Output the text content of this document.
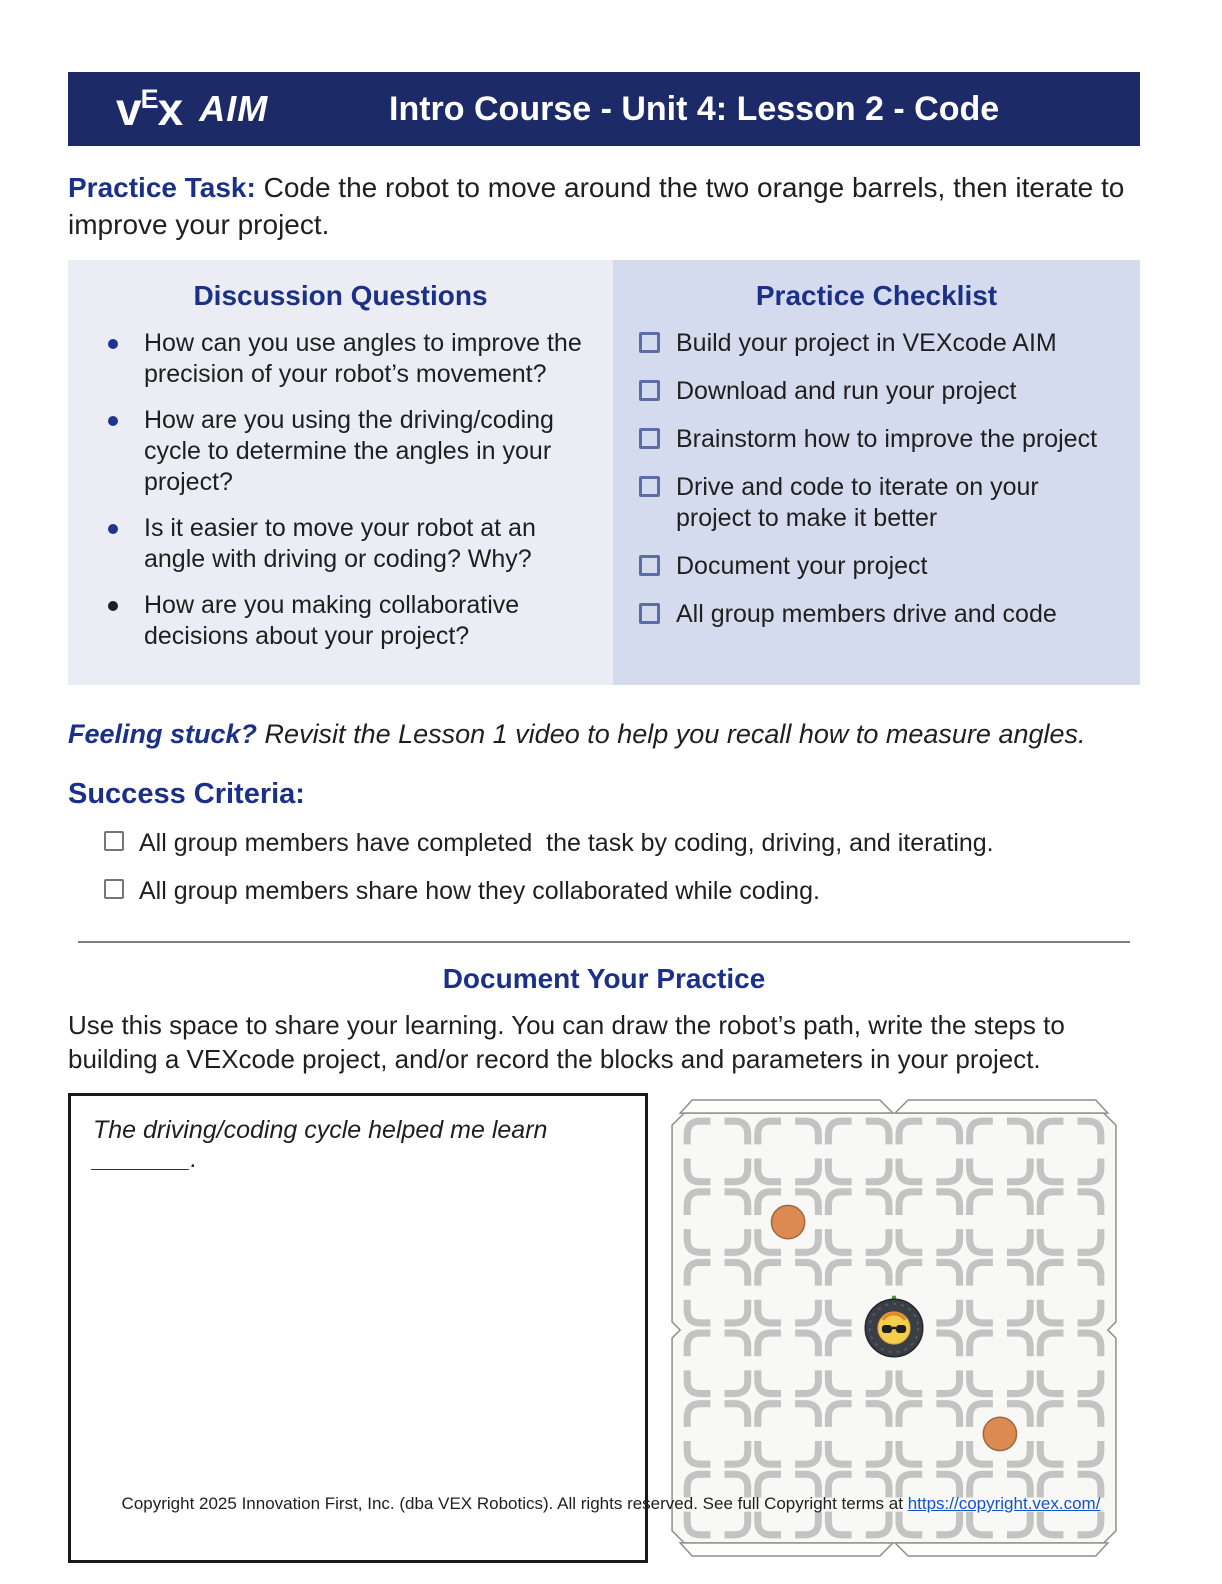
v E x AIM	Intro Course - Unit 4: Lesson 2 - Code
Practice Task: Code the robot to move around the two orange barrels, then iterate to improve your project.
Discussion Questions
How can you use angles to improve the precision of your robot’s movement?
How are you using the driving/coding cycle to determine the angles in your project?
Is it easier to move your robot at an angle with driving or coding? Why?
How are you making collaborative decisions about your project?
Practice Checklist
Build your project in VEXcode AIM
Download and run your project
Brainstorm how to improve the project
Drive and code to iterate on your project to make it better
Document your project
All group members drive and code
Feeling stuck? Revisit the Lesson 1 video to help you recall how to measure angles.
Success Criteria:
All group members have completed  the task by coding, driving, and iterating.
All group members share how they collaborated while coding.
Document Your Practice
Use this space to share your learning. You can draw the robot’s path, write the steps to building a VEXcode project, and/or record the blocks and parameters in your project.
The driving/coding cycle helped me learn _______.
Copyright 2025 Innovation First, Inc. (dba VEX Robotics). All rights reserved. See full Copyright terms at https://copyright.vex.com/
